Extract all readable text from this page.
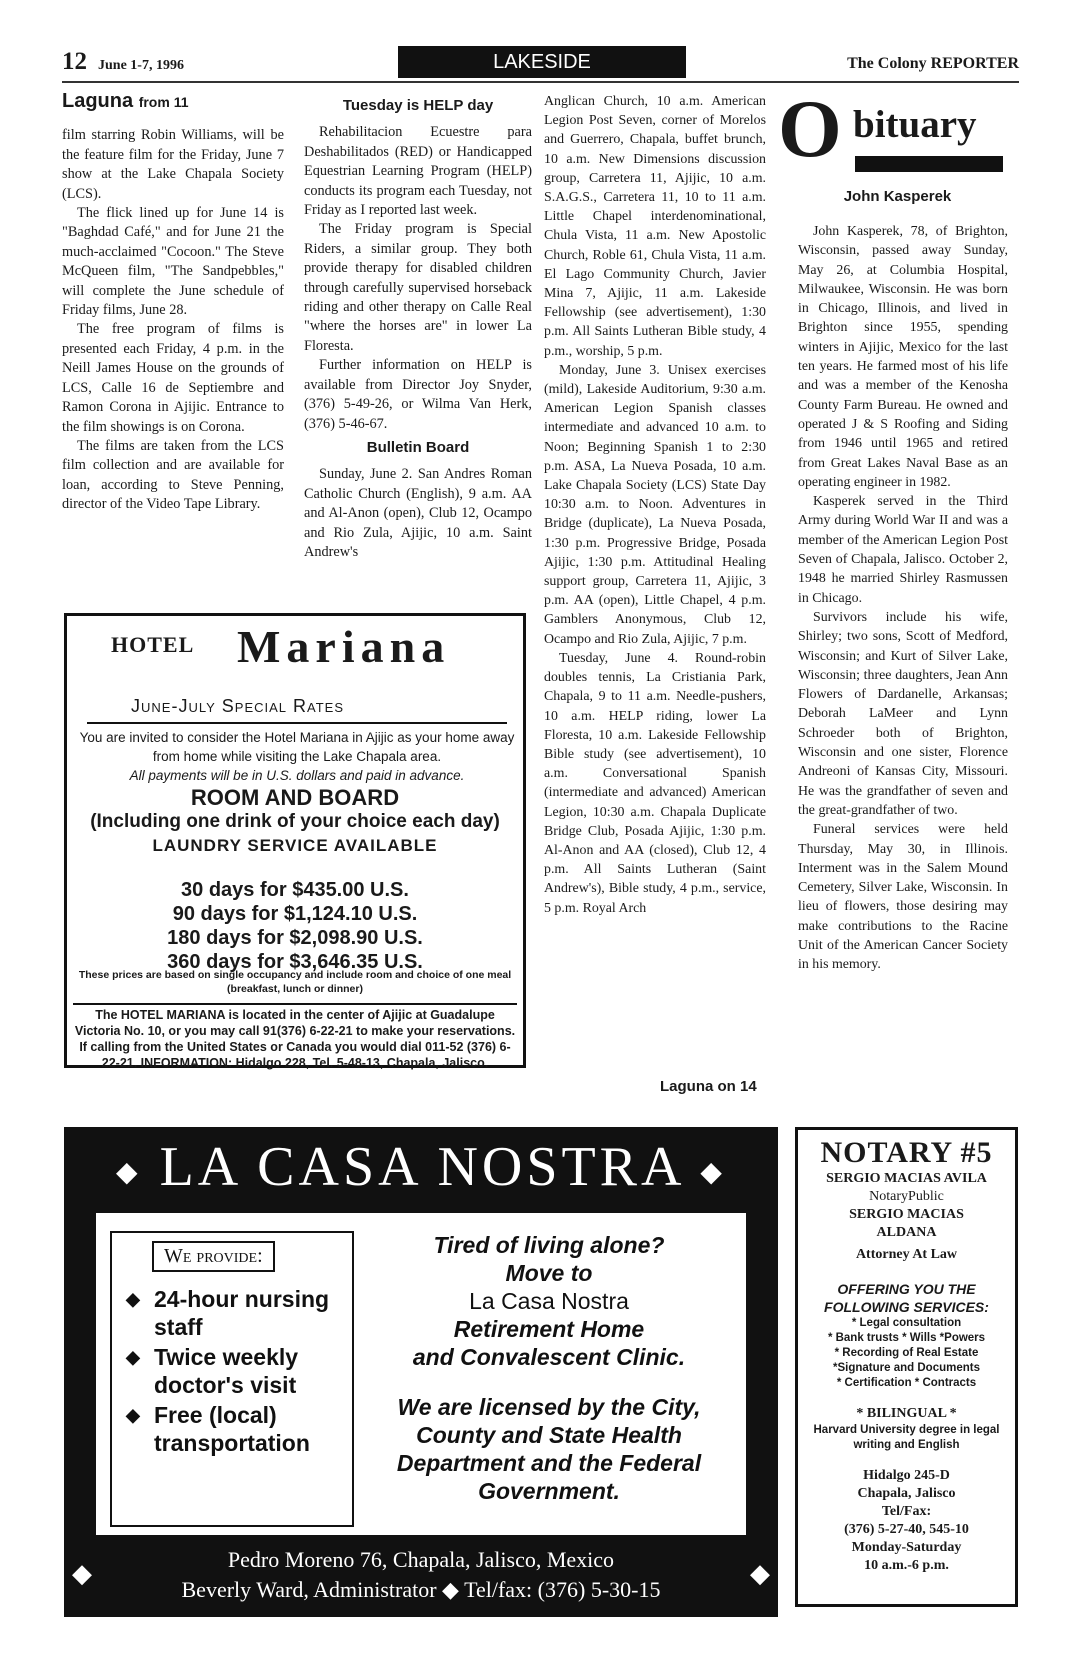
12 June 1-7, 1996	LAKESIDE	The Colony REPORTER
Laguna from 11

film starring Robin Williams, will be the feature film for the Friday, June 7 show at the Lake Chapala Society (LCS).

The flick lined up for June 14 is "Baghdad Café," and for June 21 the much-acclaimed "Cocoon." The Steve McQueen film, "The Sandpebbles," will complete the June schedule of Friday films, June 28.

The free program of films is presented each Friday, 4 p.m. in the Neill James House on the grounds of LCS, Calle 16 de Septiembre and Ramon Corona in Ajijic. Entrance to the film showings is on Corona.

The films are taken from the LCS film collection and are available for loan, according to Steve Penning, director of the Video Tape Library.

Tuesday is HELP day

Rehabilitacion Ecuestre para Deshabilitados (RED) or Handicapped Equestrian Learning Program (HELP) conducts its program each Tuesday, not Friday as I reported last week.

The Friday program is Special Riders, a similar group. They both provide therapy for disabled children through carefully supervised horseback riding and other therapy on Calle Real "where the horses are" in lower La Floresta.

Further information on HELP is available from Director Joy Snyder, (376) 5-49-26, or Wilma Van Herk, (376) 5-46-67.

Bulletin Board

Sunday, June 2. San Andres Roman Catholic Church (English), 9 a.m. AA and Al-Anon (open), Club 12, Ocampo and Rio Zula, Ajijic, 10 a.m. Saint Andrew's

Anglican Church, 10 a.m. American Legion Post Seven, corner of Morelos and Guerrero, Chapala, buffet brunch, 10 a.m. New Dimensions discussion group, Carretera 11, Ajijic, 10 a.m. S.A.G.S., Carretera 11, 10 to 11 a.m. Little Chapel interdenominational, Chula Vista, 11 a.m. New Apostolic Church, Roble 61, Chula Vista, 11 a.m. El Lago Community Church, Javier Mina 7, Ajijic, 11 a.m. Lakeside Fellowship (see advertisement), 1:30 p.m. All Saints Lutheran Bible study, 4 p.m., worship, 5 p.m.

Monday, June 3. Unisex exercises (mild), Lakeside Auditorium, 9:30 a.m. American Legion Spanish classes intermediate and advanced 10 a.m. to Noon; Beginning Spanish 1 to 2:30 p.m. ASA, La Nueva Posada, 10 a.m. Lake Chapala Society (LCS) State Day 10:30 a.m. to Noon. Adventures in Bridge (duplicate), La Nueva Posada, 1:30 p.m. Progressive Bridge, Posada Ajijic, 1:30 p.m. Attitudinal Healing support group, Carretera 11, Ajijic, 3 p.m. AA (open), Little Chapel, 4 p.m. Gamblers Anonymous, Club 12, Ocampo and Rio Zula, Ajijic, 7 p.m.

Tuesday, June 4. Round-robin doubles tennis, La Cristiania Park, Chapala, 9 to 11 a.m. Needle-pushers, 10 a.m. HELP riding, lower La Floresta, 10 a.m. Lakeside Fellowship Bible study (see advertisement), 10 a.m. Conversational Spanish (intermediate and advanced) American Legion, 10:30 a.m. Chapala Duplicate Bridge Club, Posada Ajijic, 1:30 p.m. Al-Anon and AA (closed), Club 12, 4 p.m. All Saints Lutheran (Saint Andrew's), Bible study, 4 p.m., service, 5 p.m. Royal Arch

Laguna on 14
O bituary
John Kasperek

John Kasperek, 78, of Brighton, Wisconsin, passed away Sunday, May 26, at Columbia Hospital, Milwaukee, Wisconsin. He was born in Chicago, Illinois, and lived in Brighton since 1955, spending winters in Ajijic, Mexico for the last ten years. He farmed most of his life and was a member of the Kenosha County Farm Bureau. He owned and operated J & S Roofing and Siding from 1946 until 1965 and retired from Great Lakes Naval Base as an operating engineer in 1982.

Kasperek served in the Third Army during World War II and was a member of the American Legion Post Seven of Chapala, Jalisco. October 2, 1948 he married Shirley Rasmussen in Chicago.

Survivors include his wife, Shirley; two sons, Scott of Medford, Wisconsin; and Kurt of Silver Lake, Wisconsin; three daughters, Jean Ann Flowers of Dardanelle, Arkansas; Deborah LaMeer and Lynn Schroeder both of Brighton, Wisconsin and one sister, Florence Andreoni of Kansas City, Missouri. He was the grandfather of seven and the great-grandfather of two.

Funeral services were held Thursday, May 30, in Illinois. Interment was in the Salem Mound Cemetery, Silver Lake, Wisconsin. In lieu of flowers, those desiring may make contributions to the Racine Unit of the American Cancer Society in his memory.

HOTEL Mariana
June-July Special Rates
You are invited to consider the Hotel Mariana in Ajijic as your home away from home while visiting the Lake Chapala area.
All payments will be in U.S. dollars and paid in advance.
ROOM AND BOARD
(Including one drink of your choice each day)
LAUNDRY SERVICE AVAILABLE
30 days for $435.00 U.S.
90 days for $1,124.10 U.S.
180 days for $2,098.90 U.S.
360 days for $3,646.35 U.S.
These prices are based on single occupancy and include room and choice of one meal (breakfast, lunch or dinner)
The HOTEL MARIANA is located in the center of Ajijic at Guadalupe Victoria No. 10, or you may call 91(376) 6-22-21 to make your reservations. If calling from the United States or Canada you would dial 011-52 (376) 6-22-21. INFORMATION: Hidalgo 228, Tel. 5-48-13, Chapala, Jalisco.
◆ LA CASA NOSTRA ◆
We provide:
◆ 24-hour nursing staff
◆ Twice weekly doctor's visit
◆ Free (local) transportation
Tired of living alone?
Move to
La Casa Nostra
Retirement Home
and Convalescent Clinic.
We are licensed by the City, County and State Health Department and the Federal Government.
◆	◆
Pedro Moreno 76, Chapala, Jalisco, Mexico
Beverly Ward, Administrator ◆ Tel/fax: (376) 5-30-15
NOTARY #5
SERGIO MACIAS AVILA
NotaryPublic
SERGIO MACIAS ALDANA
Attorney At Law
OFFERING YOU THE FOLLOWING SERVICES:
* Legal consultation
* Bank trusts * Wills *Powers
* Recording of Real Estate
*Signature and Documents
* Certification * Contracts
* BILINGUAL *
Harvard University degree in legal writing and English
Hidalgo 245-D
Chapala, Jalisco
Tel/Fax:
(376) 5-27-40, 545-10
Monday-Saturday
10 a.m.-6 p.m.
